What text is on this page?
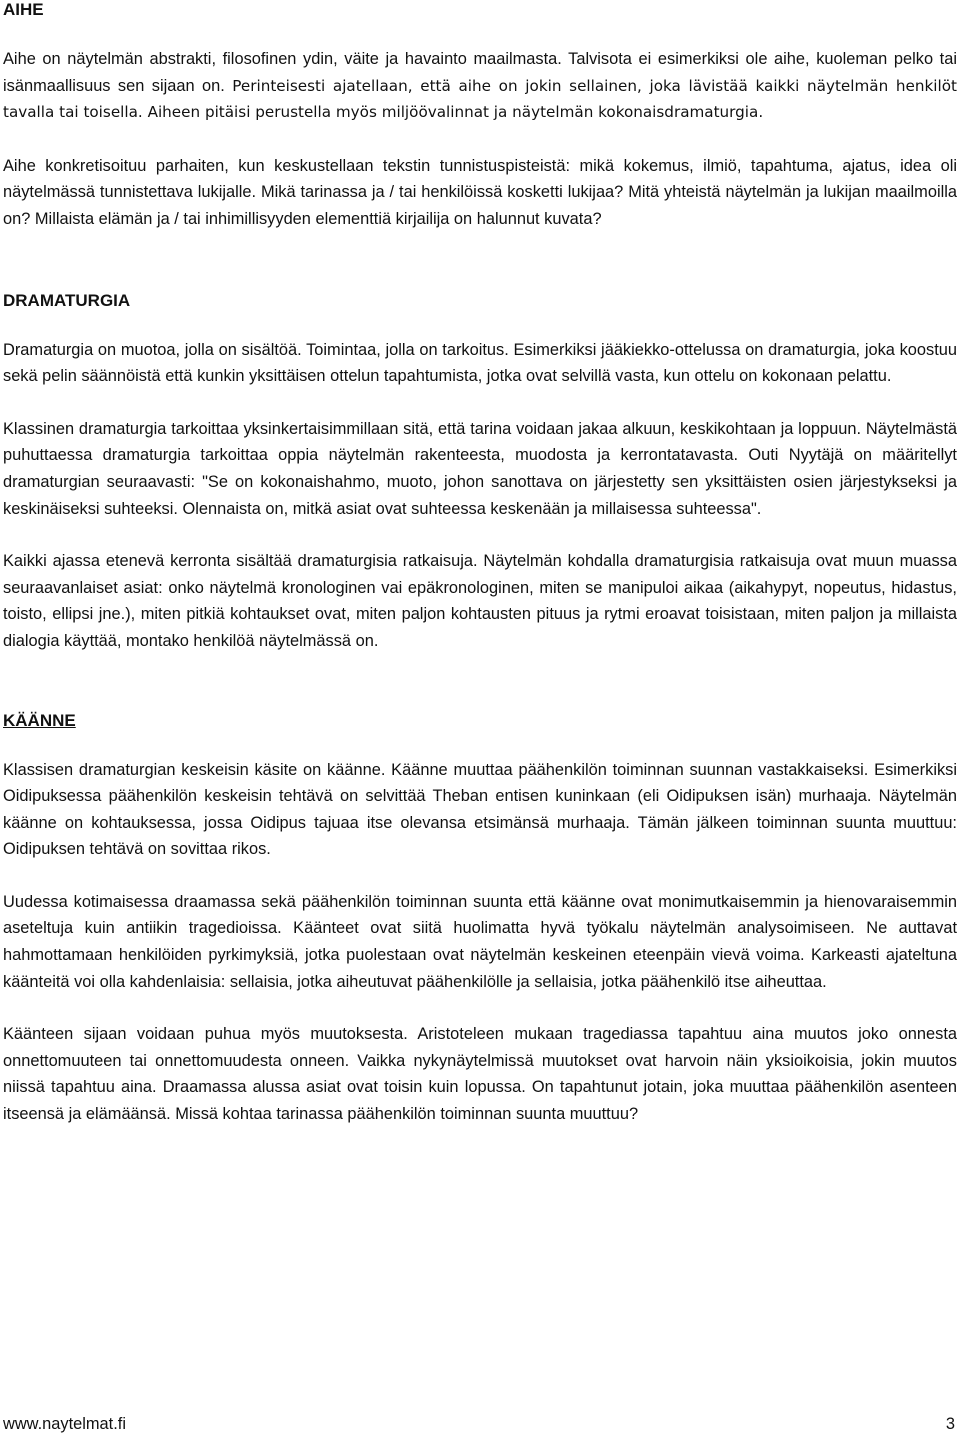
AIHE

Aihe on näytelmän abstrakti, filosofinen ydin, väite ja havainto maailmasta. Talvisota ei esimerkiksi ole aihe, kuoleman pelko tai isänmaallisuus sen sijaan on. Perinteisesti ajatellaan, että aihe on jokin sellainen, joka lävistää kaikki näytelmän henkilöt tavalla tai toisella. Aiheen pitäisi perustella myös miljöövalinnat ja näytelmän kokonaisdramaturgia.

Aihe konkretisoituu parhaiten, kun keskustellaan tekstin tunnistuspisteistä: mikä kokemus, ilmiö, tapahtuma, ajatus, idea oli näytelmässä tunnistettava lukijalle. Mikä tarinassa ja / tai henkilöissä kosketti lukijaa? Mitä yhteistä näytelmän ja lukijan maailmoilla on? Millaista elämän ja / tai inhimillisyyden elementtiä kirjailija on halunnut kuvata?

DRAMATURGIA

Dramaturgia on muotoa, jolla on sisältöä. Toimintaa, jolla on tarkoitus. Esimerkiksi jääkiekko-ottelussa on dramaturgia, joka koostuu sekä pelin säännöistä että kunkin yksittäisen ottelun tapahtumista, jotka ovat selvillä vasta, kun ottelu on kokonaan pelattu.

Klassinen dramaturgia tarkoittaa yksinkertaisimmillaan sitä, että tarina voidaan jakaa alkuun, keskikohtaan ja loppuun. Näytelmästä puhuttaessa dramaturgia tarkoittaa oppia näytelmän rakenteesta, muodosta ja kerrontatavasta. Outi Nyytäjä on määritellyt dramaturgian seuraavasti: "Se on kokonaishahmo, muoto, johon sanottava on järjestetty sen yksittäisten osien järjestykseksi ja keskinäiseksi suhteeksi. Olennaista on, mitkä asiat ovat suhteessa keskenään ja millaisessa suhteessa".

Kaikki ajassa etenevä kerronta sisältää dramaturgisia ratkaisuja. Näytelmän kohdalla dramaturgisia ratkaisuja ovat muun muassa seuraavanlaiset asiat: onko näytelmä kronologinen vai epäkronologinen, miten se manipuloi aikaa (aikahypyt, nopeutus, hidastus, toisto, ellipsi jne.), miten pitkiä kohtaukset ovat, miten paljon kohtausten pituus ja rytmi eroavat toisistaan, miten paljon ja millaista dialogia käyttää, montako henkilöä näytelmässä on.

KÄÄNNE

Klassisen dramaturgian keskeisin käsite on käänne. Käänne muuttaa päähenkilön toiminnan suunnan vastakkaiseksi. Esimerkiksi Oidipuksessa päähenkilön keskeisin tehtävä on selvittää Theban entisen kuninkaan (eli Oidipuksen isän) murhaaja. Näytelmän käänne on kohtauksessa, jossa Oidipus tajuaa itse olevansa etsimänsä murhaaja. Tämän jälkeen toiminnan suunta muuttuu: Oidipuksen tehtävä on sovittaa rikos.

Uudessa kotimaisessa draamassa sekä päähenkilön toiminnan suunta että käänne ovat monimutkaisemmin ja hienovaraisemmin aseteltuja kuin antiikin tragedioissa. Käänteet ovat siitä huolimatta hyvä työkalu näytelmän analysoimiseen. Ne auttavat hahmottamaan henkilöiden pyrkimyksiä, jotka puolestaan ovat näytelmän keskeinen eteenpäin vievä voima. Karkeasti ajateltuna käänteitä voi olla kahdenlaisia: sellaisia, jotka aiheutuvat päähenkilölle ja sellaisia, jotka päähenkilö itse aiheuttaa.

Käänteen sijaan voidaan puhua myös muutoksesta. Aristoteleen mukaan tragediassa tapahtuu aina muutos joko onnesta onnettomuuteen tai onnettomuudesta onneen. Vaikka nykynäytelmissä muutokset ovat harvoin näin yksioikoisia, jokin muutos niissä tapahtuu aina. Draamassa alussa asiat ovat toisin kuin lopussa. On tapahtunut jotain, joka muuttaa päähenkilön asenteen itseensä ja elämäänsä. Missä kohtaa tarinassa päähenkilön toiminnan suunta muuttuu?

www.naytelmat.fi	3
